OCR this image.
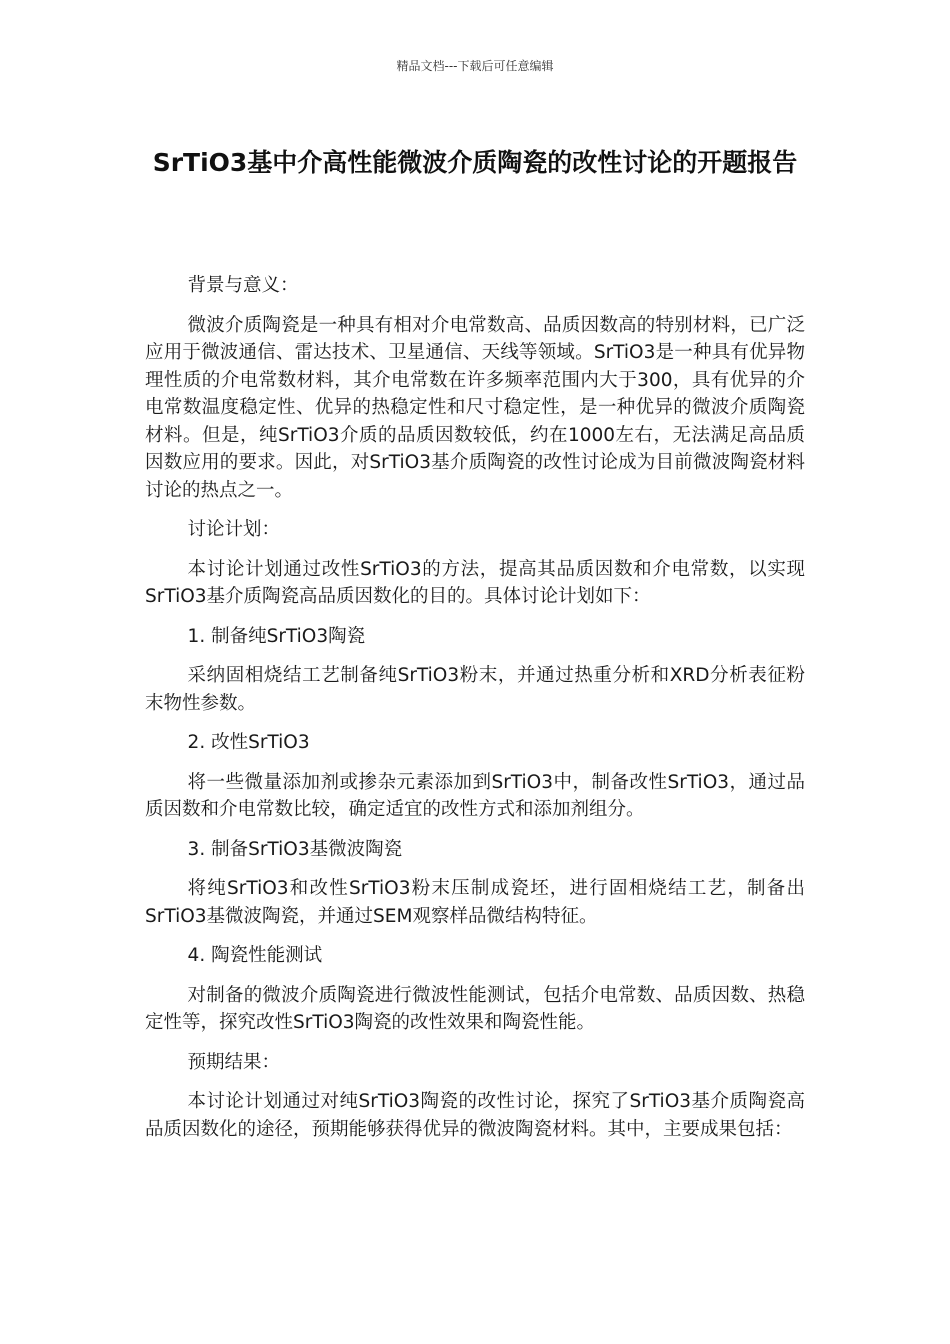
精品文档---下载后可任意编辑
SrTiO3基中介高性能微波介质陶瓷的改性讨论的开题报告

背景与意义：

微波介质陶瓷是一种具有相对介电常数高、品质因数高的特别材料，已广泛应用于微波通信、雷达技术、卫星通信、天线等领域。SrTiO3是一种具有优异物理性质的介电常数材料，其介电常数在许多频率范围内大于300，具有优异的介电常数温度稳定性、优异的热稳定性和尺寸稳定性，是一种优异的微波介质陶瓷材料。但是，纯SrTiO3介质的品质因数较低，约在1000左右，无法满足高品质因数应用的要求。因此，对SrTiO3基介质陶瓷的改性讨论成为目前微波陶瓷材料讨论的热点之一。

讨论计划：

本讨论计划通过改性SrTiO3的方法，提高其品质因数和介电常数，以实现SrTiO3基介质陶瓷高品质因数化的目的。具体讨论计划如下：

1. 制备纯SrTiO3陶瓷

采纳固相烧结工艺制备纯SrTiO3粉末，并通过热重分析和XRD分析表征粉末物性参数。

2. 改性SrTiO3

将一些微量添加剂或掺杂元素添加到SrTiO3中，制备改性SrTiO3，通过品质因数和介电常数比较，确定适宜的改性方式和添加剂组分。

3. 制备SrTiO3基微波陶瓷

将纯SrTiO3和改性SrTiO3粉末压制成瓷坯，进行固相烧结工艺，制备出SrTiO3基微波陶瓷，并通过SEM观察样品微结构特征。

4. 陶瓷性能测试

对制备的微波介质陶瓷进行微波性能测试，包括介电常数、品质因数、热稳定性等，探究改性SrTiO3陶瓷的改性效果和陶瓷性能。

预期结果：

本讨论计划通过对纯SrTiO3陶瓷的改性讨论，探究了SrTiO3基介质陶瓷高品质因数化的途径，预期能够获得优异的微波陶瓷材料。其中，主要成果包括：
